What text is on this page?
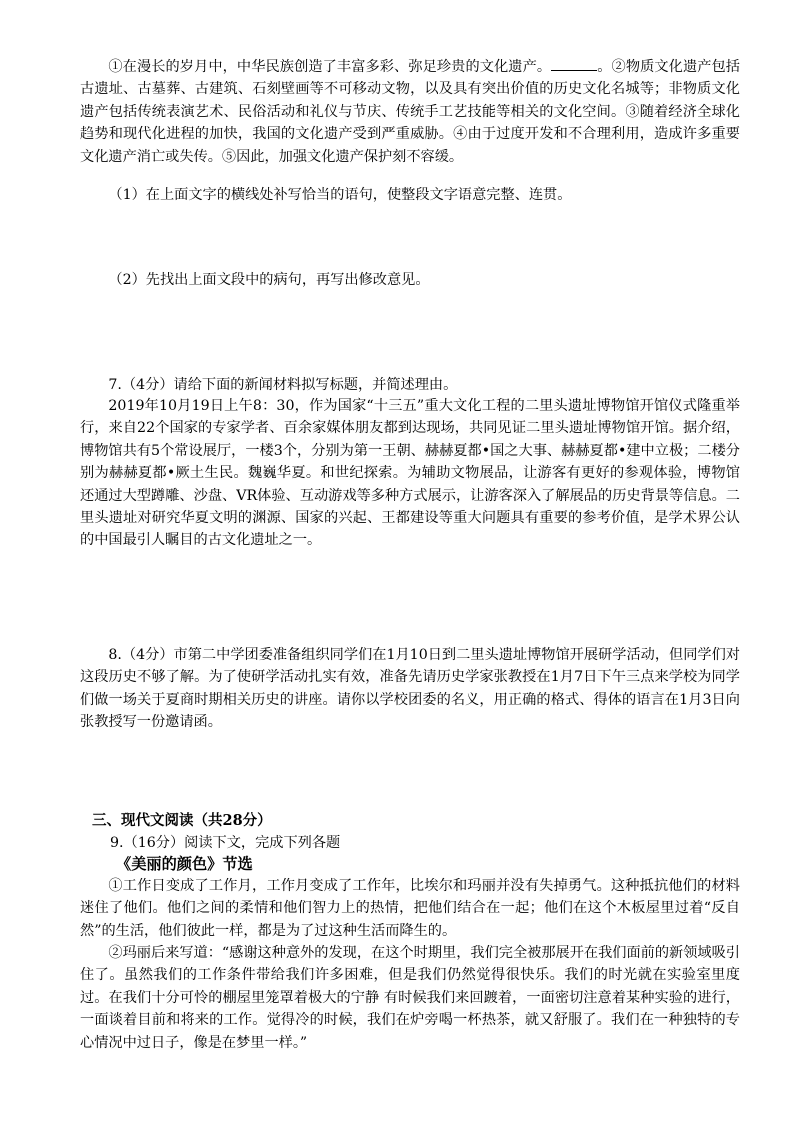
①在漫长的岁月中，中华民族创造了丰富多彩、弥足珍贵的文化遗产。	。②物质文化遗产包括古遗址、古墓葬、古建筑、石刻壁画等不可移动文物，以及具有突出价值的历史文化名城等；非物质文化遗产包括传统表演艺术、民俗活动和礼仪与节庆、传统手工艺技能等相关的文化空间。③随着经济全球化趋势和现代化进程的加快，我国的文化遗产受到严重威胁。④由于过度开发和不合理利用，造成许多重要文化遗产消亡或失传。⑤因此，加强文化遗产保护刻不容缓。

（1）在上面文字的横线处补写恰当的语句，使整段文字语意完整、连贯。

（2）先找出上面文段中的病句，再写出修改意见。

7.（4分）请给下面的新闻材料拟写标题，并简述理由。

2019年10月19日上午8：30，作为国家“十三五”重大文化工程的二里头遗址博物馆开馆仪式隆重举行，来自22个国家的专家学者、百余家媒体朋友都到达现场，共同见证二里头遗址博物馆开馆。据介绍，博物馆共有5个常设展厅，一楼3个，分别为第一王朝、赫赫夏都•国之大事、赫赫夏都•建中立极；二楼分别为赫赫夏都•厥土生民。魏巍华夏。和世纪探索。为辅助文物展品，让游客有更好的参观体验，博物馆还通过大型蹲雕、沙盘、VR体验、互动游戏等多种方式展示，让游客深入了解展品的历史背景等信息。二里头遗址对研究华夏文明的渊源、国家的兴起、王都建设等重大问题具有重要的参考价值，是学术界公认的中国最引人瞩目的古文化遗址之一。

8.（4分）市第二中学团委准备组织同学们在1月10日到二里头遗址博物馆开展研学活动，但同学们对这段历史不够了解。为了使研学活动扎实有效，准备先请历史学家张教授在1月7日下午三点来学校为同学们做一场关于夏商时期相关历史的讲座。请你以学校团委的名义，用正确的格式、得体的语言在1月3日向张教授写一份邀请函。

三、现代文阅读（共28分）

9.（16分）阅读下文，完成下列各题

《美丽的颜色》节选

①工作日变成了工作月，工作月变成了工作年，比埃尔和玛丽并没有失掉勇气。这种抵抗他们的材料迷住了他们。他们之间的柔情和他们智力上的热情，把他们结合在一起；他们在这个木板屋里过着“反自然”的生活，他们彼此一样，都是为了过这种生活而降生的。

②玛丽后来写道：“感谢这种意外的发现，在这个时期里，我们完全被那展开在我们面前的新领域吸引住了。虽然我们的工作条件带给我们许多困难，但是我们仍然觉得很快乐。我们的时光就在实验室里度过。在我们十分可怜的棚屋里笼罩着极大的宁静 有时候我们来回踱着，一面密切注意着某种实验的进行，一面谈着目前和将来的工作。觉得冷的时候，我们在炉旁喝一杯热茶，就又舒服了。我们在一种独特的专心情况中过日子，像是在梦里一样。”
